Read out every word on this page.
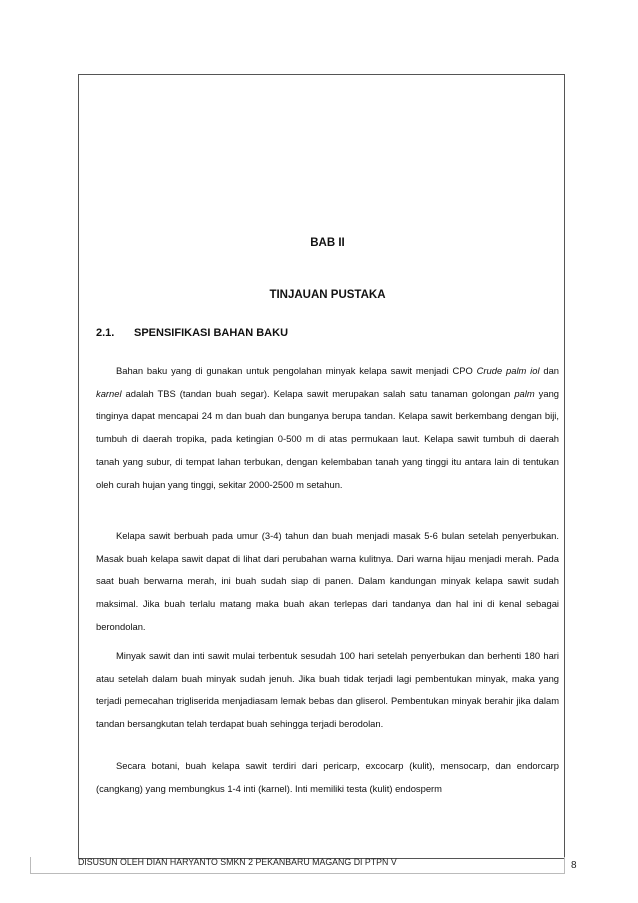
BAB II
TINJAUAN PUSTAKA
2.1. SPENSIFIKASI BAHAN BAKU

Bahan baku yang di gunakan untuk pengolahan minyak kelapa sawit menjadi CPO Crude palm iol dan karnel adalah TBS (tandan buah segar). Kelapa sawit merupakan salah satu tanaman golongan palm yang tinginya dapat mencapai 24 m dan buah dan bunganya berupa tandan. Kelapa sawit berkembang dengan biji, tumbuh di daerah tropika, pada ketingian 0-500 m di atas permukaan laut. Kelapa sawit tumbuh di daerah tanah yang subur, di tempat lahan terbukan, dengan kelembaban tanah yang tinggi itu antara lain di tentukan oleh curah hujan yang tinggi, sekitar 2000-2500 m setahun.

Kelapa sawit berbuah pada umur (3-4) tahun dan buah menjadi masak 5-6 bulan setelah penyerbukan. Masak buah kelapa sawit dapat di lihat dari perubahan warna kulitnya. Dari warna hijau menjadi merah. Pada saat buah berwarna merah, ini buah sudah siap di panen. Dalam kandungan minyak kelapa sawit sudah maksimal. Jika buah terlalu matang maka buah akan terlepas dari tandanya dan hal ini di kenal sebagai berondolan.

Minyak sawit dan inti sawit mulai terbentuk sesudah 100 hari setelah penyerbukan dan berhenti 180 hari atau setelah dalam buah minyak sudah jenuh. Jika buah tidak terjadi lagi pembentukan minyak, maka yang terjadi pemecahan trigliserida menjadiasam lemak bebas dan gliserol. Pembentukan minyak berahir jika dalam tandan bersangkutan telah terdapat buah sehingga terjadi berodolan.

Secara botani, buah kelapa sawit terdiri dari pericarp, excocarp (kulit), mensocarp, dan endorcarp (cangkang) yang membungkus 1-4 inti (karnel). Inti memiliki testa (kulit) endosperm

DISUSUN OLEH DIAN HARYANTO SMKN 2 PEKANBARU MAGANG DI PTPN V	8
